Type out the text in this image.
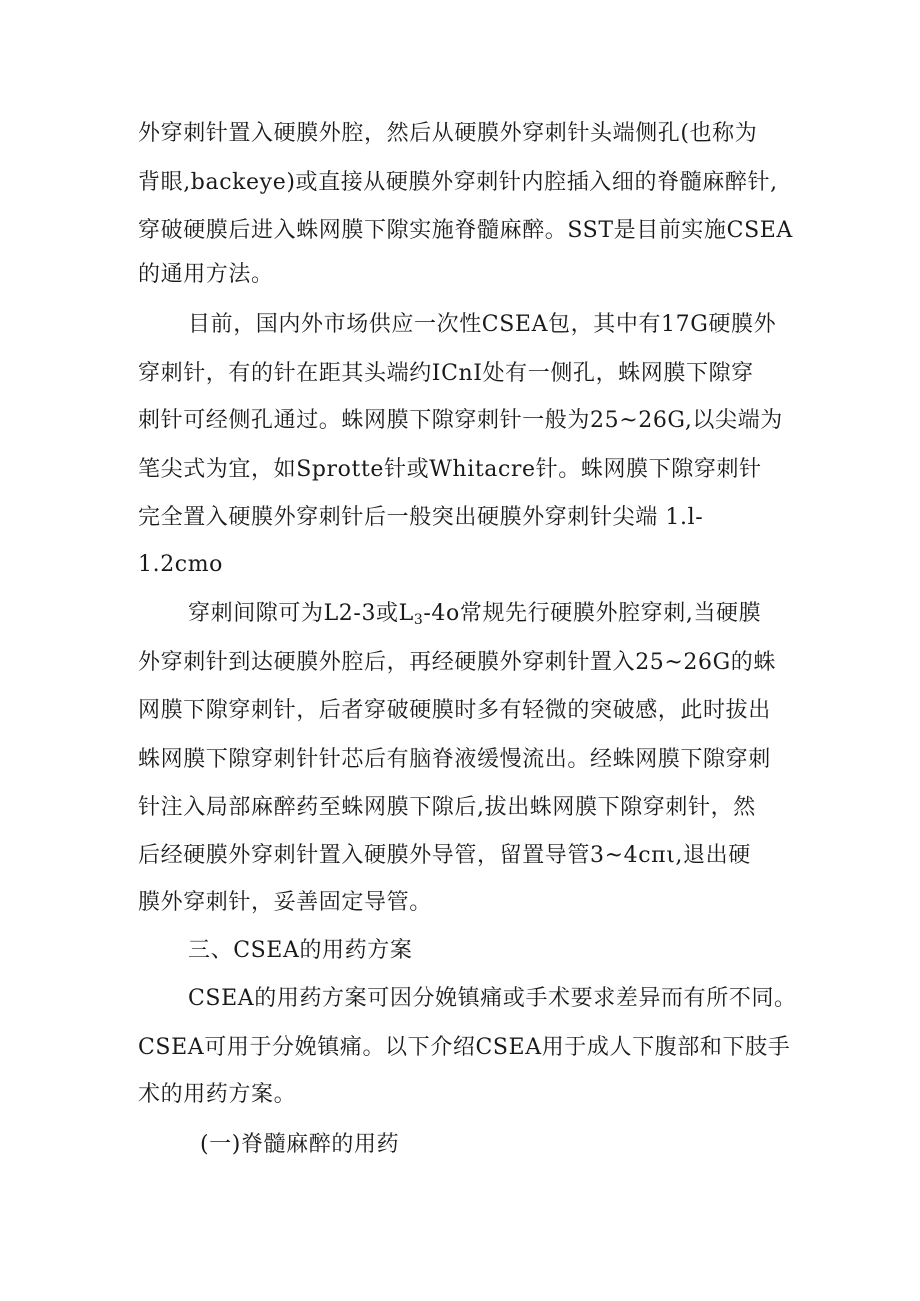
外穿刺针置入硬膜外腔，然后从硬膜外穿刺针头端侧孔(也称为
背眼,backeye)或直接从硬膜外穿刺针内腔插入细的脊髓麻醉针,
穿破硬膜后进入蛛网膜下隙实施脊髓麻醉。SST是目前实施CSEA
的通用方法。
目前，国内外市场供应一次性CSEA包，其中有17G硬膜外
穿刺针，有的针在距其头端约ICnI处有一侧孔，蛛网膜下隙穿
刺针可经侧孔通过。蛛网膜下隙穿刺针一般为25~26G,以尖端为
笔尖式为宜，如Sprotte针或Whitacre针。蛛网膜下隙穿刺针
完全置入硬膜外穿刺针后一般突出硬膜外穿刺针尖端 1.l-
1.2cmo
穿刺间隙可为L2-3或$L_3-4o$常规先行硬膜外腔穿刺,当硬膜
外穿刺针到达硬膜外腔后，再经硬膜外穿刺针置入25~26G的蛛
网膜下隙穿刺针，后者穿破硬膜时多有轻微的突破感，此时拔出
蛛网膜下隙穿刺针针芯后有脑脊液缓慢流出。经蛛网膜下隙穿刺
针注入局部麻醉药至蛛网膜下隙后,拔出蛛网膜下隙穿刺针，然
后经硬膜外穿刺针置入硬膜外导管，留置导管3~4cπι,退出硬
膜外穿刺针，妥善固定导管。
三、CSEA的用药方案
CSEA的用药方案可因分娩镇痛或手术要求差异而有所不同。
CSEA可用于分娩镇痛。以下介绍CSEA用于成人下腹部和下肢手
术的用药方案。
(一)脊髓麻醉的用药
